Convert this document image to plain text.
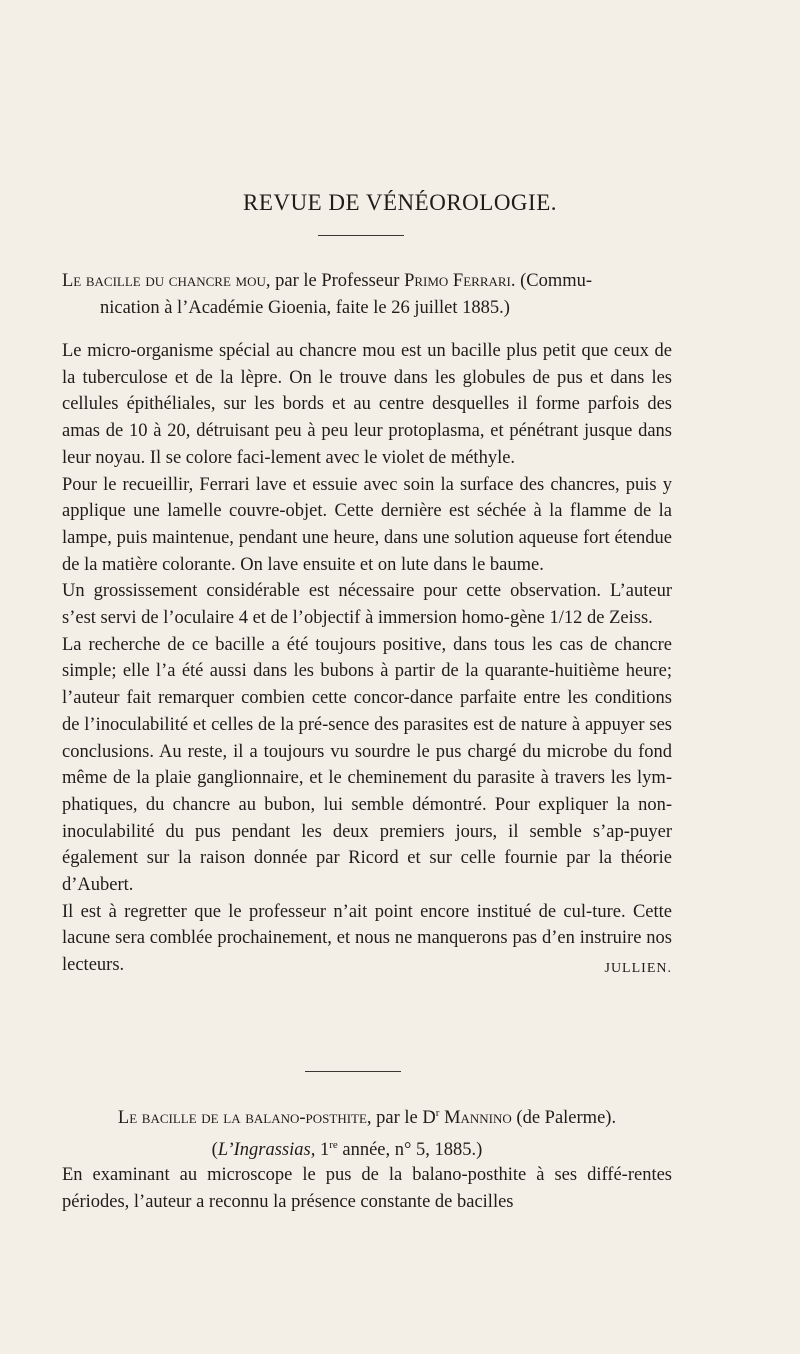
REVUE DE VÉNÉOROLOGIE.
Le bacille du chancre mou, par le Professeur Primo Ferrari. (Commu-
nication à l’Académie Gioenia, faite le 26 juillet 1885.)

Le micro-organisme spécial au chancre mou est un bacille plus petit que ceux de la tuberculose et de la lèpre. On le trouve dans les globules de pus et dans les cellules épithéliales, sur les bords et au centre desquelles il forme parfois des amas de 10 à 20, détruisant peu à peu leur protoplasma, et pénétrant jusque dans leur noyau. Il se colore faci-lement avec le violet de méthyle.

Pour le recueillir, Ferrari lave et essuie avec soin la surface des chancres, puis y applique une lamelle couvre-objet. Cette dernière est séchée à la flamme de la lampe, puis maintenue, pendant une heure, dans une solution aqueuse fort étendue de la matière colorante. On lave ensuite et on lute dans le baume.

Un grossissement considérable est nécessaire pour cette observation. L’auteur s’est servi de l’oculaire 4 et de l’objectif à immersion homo-gène 1/12 de Zeiss.

La recherche de ce bacille a été toujours positive, dans tous les cas de chancre simple; elle l’a été aussi dans les bubons à partir de la quarante-huitième heure; l’auteur fait remarquer combien cette concor-dance parfaite entre les conditions de l’inoculabilité et celles de la pré-sence des parasites est de nature à appuyer ses conclusions. Au reste, il a toujours vu sourdre le pus chargé du microbe du fond même de la plaie ganglionnaire, et le cheminement du parasite à travers les lym-phatiques, du chancre au bubon, lui semble démontré. Pour expliquer la non-inoculabilité du pus pendant les deux premiers jours, il semble s’ap-puyer également sur la raison donnée par Ricord et sur celle fournie par la théorie d’Aubert.

Il est à regretter que le professeur n’ait point encore institué de cul-ture. Cette lacune sera comblée prochainement, et nous ne manquerons pas d’en instruire nos lecteurs.	JULLIEN.

Le bacille de la balano-posthite, par le $D^r$ Mannino (de Palerme).
(L’Ingrassias, 1re année, n° 5, 1885.)

En examinant au microscope le pus de la balano-posthite à ses diffé-rentes périodes, l’auteur a reconnu la présence constante de bacilles
